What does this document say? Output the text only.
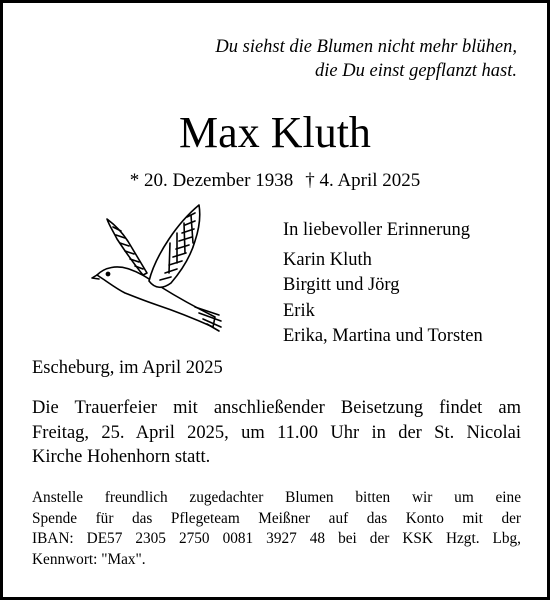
Du siehst die Blumen nicht mehr blühen,
die Du einst gepflanzt hast.
Max Kluth
* 20. Dezember 1938 † 4. April 2025
In liebevoller Erinnerung
Karin Kluth
Birgitt und Jörg
Erik
Erika, Martina und Torsten
Escheburg, im April 2025
Die Trauerfeier mit anschließender Beisetzung findet am
Freitag, 25. April 2025, um 11.00 Uhr in der St. Nicolai
Kirche Hohenhorn statt.
Anstelle freundlich zugedachter Blumen bitten wir um eine
Spende für das Pflegeteam Meißner auf das Konto mit der
IBAN: DE57 2305 2750 0081 3927 48 bei der KSK Hzgt. Lbg,
Kennwort: "Max".
